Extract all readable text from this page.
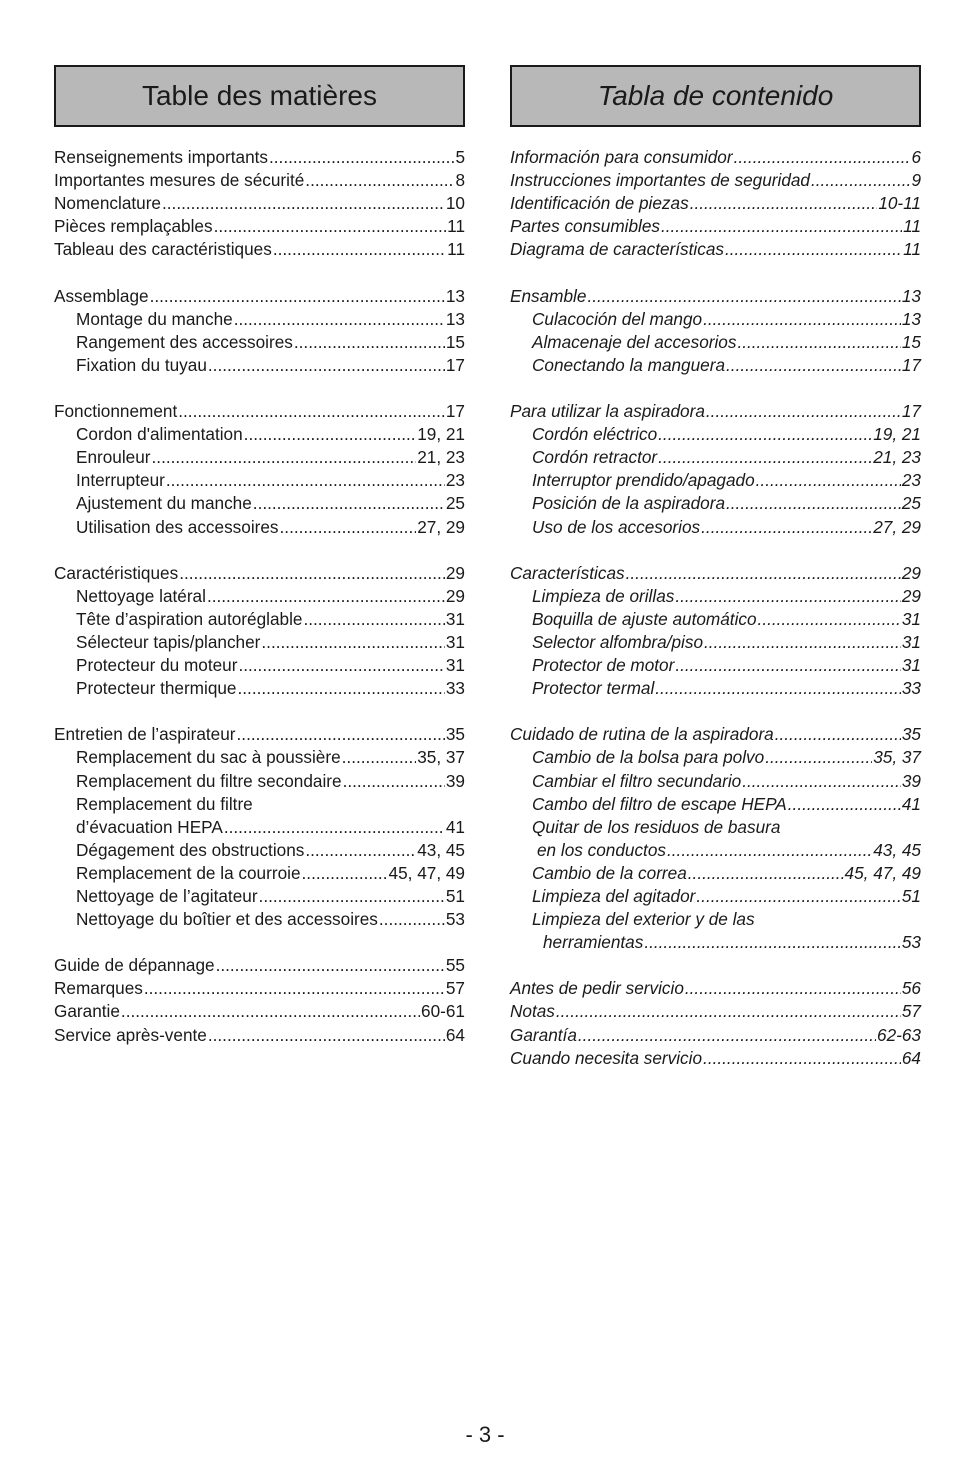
Table des matières
Renseignements importants .....	5
Importantes mesures de sécurité .....	8
Nomenclature .....	10
Pièces remplaçables .....	11
Tableau des caractéristiques .....	11
Assemblage .....	13
Montage du manche .....	13
Rangement des accessoires .....	15
Fixation du tuyau .....	17
Fonctionnement .....	17
Cordon d'alimentation .....	19, 21
Enrouleur .....	21, 23
Interrupteur .....	23
Ajustement du manche .....	25
Utilisation des accessoires .....	27, 29
Caractéristiques .....	29
Nettoyage latéral .....	29
Tête d’aspiration autoréglable .....	31
Sélecteur tapis/plancher .....	31
Protecteur du moteur .....	31
Protecteur thermique .....	33
Entretien de l’aspirateur .....	35
Remplacement du sac à poussière .....	35, 37
Remplacement du filtre secondaire .....	39
Remplacement du filtre
d’évacuation HEPA .....	41
Dégagement des obstructions .....	43, 45
Remplacement de la courroie .....	45, 47, 49
Nettoyage de l’agitateur .....	51
Nettoyage du boîtier et des accessoires .....	53
Guide de dépannage .....	55
Remarques .....	57
Garantie .....	60-61
Service après-vente .....	64
Tabla de contenido
Información para consumidor .....	6
Instrucciones importantes de seguridad .....	9
Identificación de piezas .....	10-11
Partes consumibles .....	11
Diagrama de características .....	11
Ensamble .....	13
Culacoción del mango .....	13
Almacenaje del accesorios .....	15
Conectando la manguera .....	17
Para utilizar la aspiradora .....	17
Cordón eléctrico .....	19, 21
Cordón retractor .....	21, 23
Interruptor prendido/apagado .....	23
Posición de la aspiradora .....	25
Uso de los accesorios .....	27, 29
Características .....	29
Limpieza de orillas .....	29
Boquilla de ajuste automático .....	31
Selector alfombra/piso .....	31
Protector de motor .....	31
Protector termal .....	33
Cuidado de rutina de la aspiradora .....	35
Cambio de la bolsa para polvo .....	35, 37
Cambiar el filtro secundario .....	39
Cambo del filtro de escape HEPA .....	41
Quitar de los residuos de basura
en los conductos .....	43, 45
Cambio de la correa .....	45, 47, 49
Limpieza del agitador .....	51
Limpieza del exterior y de las
herramientas .....	53
Antes de pedir servicio .....	56
Notas .....	57
Garantía .....	62-63
Cuando necesita servicio .....	64
- 3 -
